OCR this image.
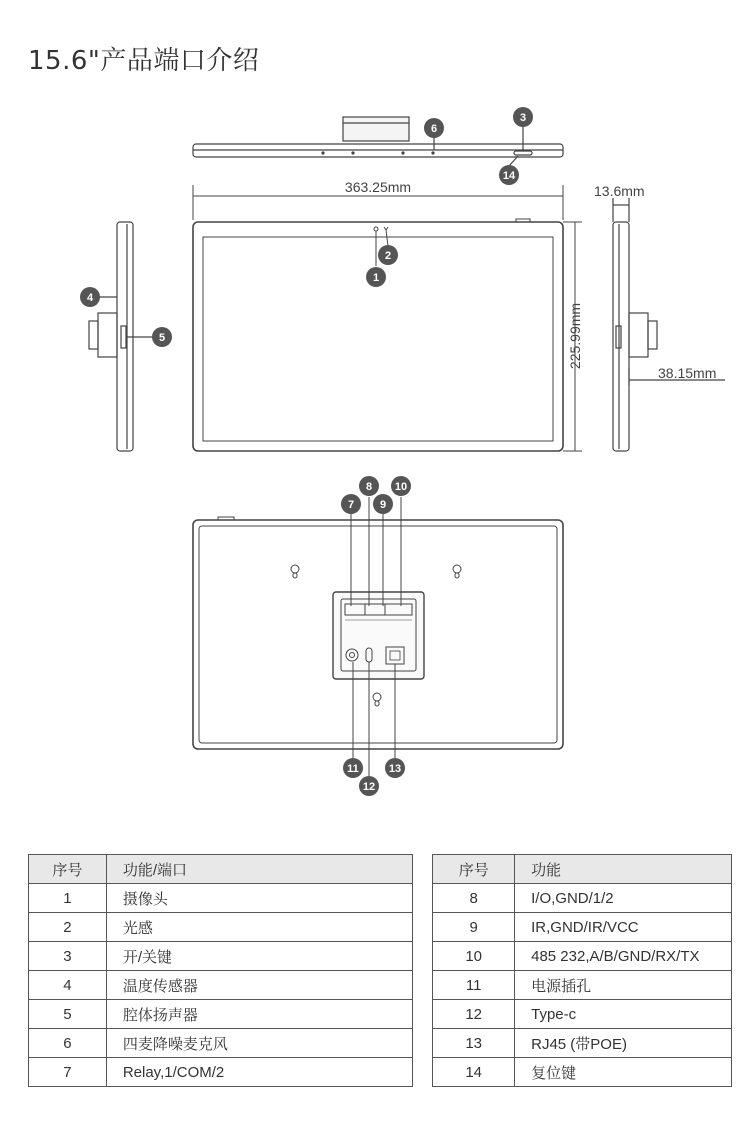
15.6"产品端口介绍
363.25mm
225.99mm
13.6mm
38.15mm
1
2
3
4
5
6
7
8
9
10
11
12
13
14
序号	功能/端口		序号	功能
1	摄像头		8	I/O,GND/1/2
2	光感		9	IR,GND/IR/VCC
3	开/关键		10	485 232,A/B/GND/RX/TX
4	温度传感器		11	电源插孔
5	腔体扬声器		12	Type-c
6	四麦降噪麦克风		13	RJ45 (带POE)
7	Relay,1/COM/2		14	复位键
